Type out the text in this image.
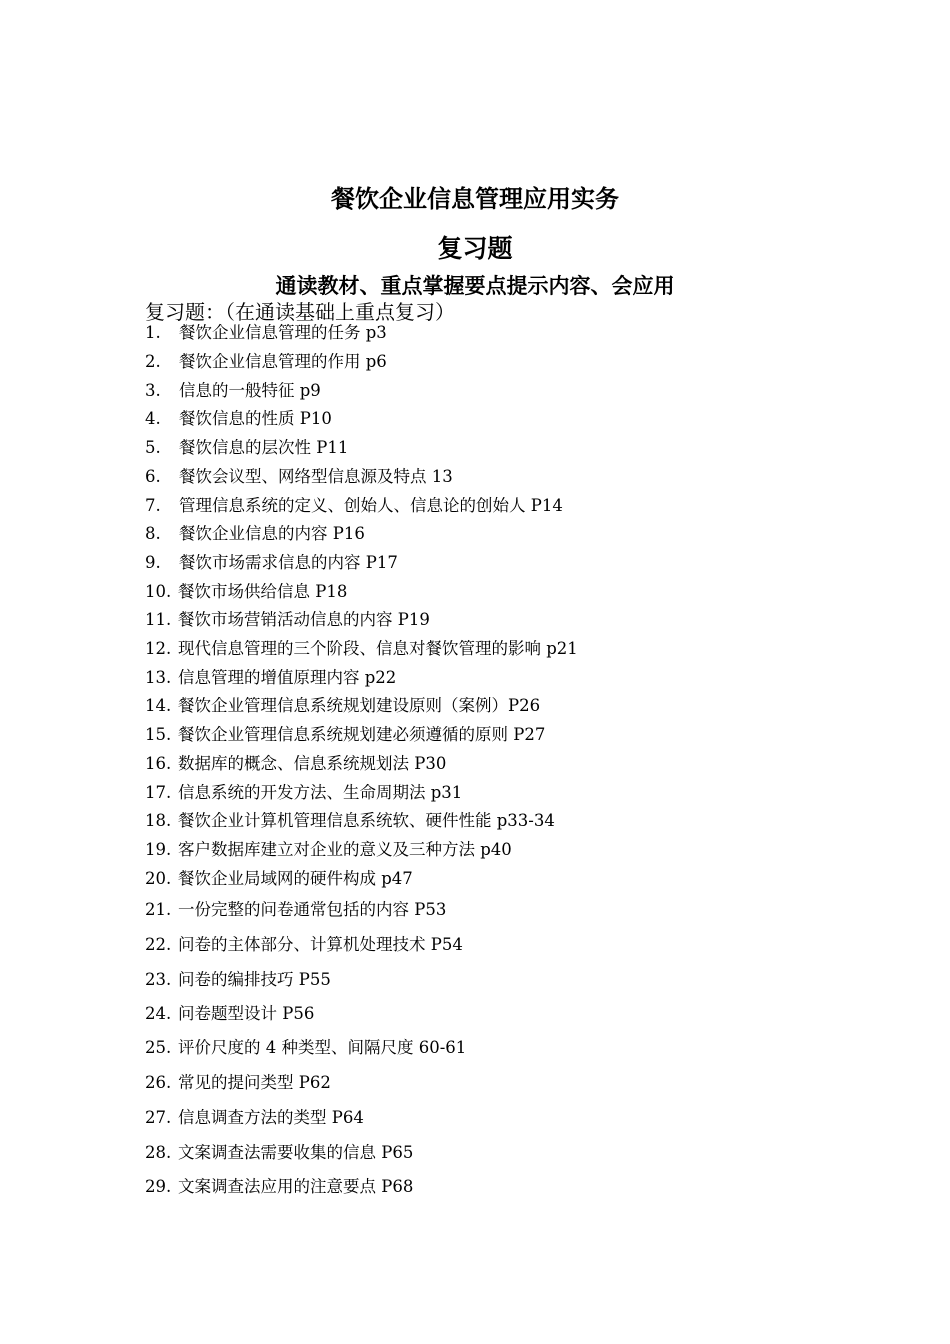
餐饮企业信息管理应用实务
复习题
通读教材、重点掌握要点提示内容、会应用

复习题：（在通读基础上重点复习）

1. 餐饮企业信息管理的任务 p3
2. 餐饮企业信息管理的作用 p6
3. 信息的一般特征 p9
4. 餐饮信息的性质 P10
5. 餐饮信息的层次性 P11
6. 餐饮会议型、网络型信息源及特点 13
7. 管理信息系统的定义、创始人、信息论的创始人 P14
8. 餐饮企业信息的内容 P16
9. 餐饮市场需求信息的内容 P17
10. 餐饮市场供给信息 P18
11. 餐饮市场营销活动信息的内容 P19
12. 现代信息管理的三个阶段、信息对餐饮管理的影响 p21
13. 信息管理的增值原理内容 p22
14. 餐饮企业管理信息系统规划建设原则（案例）P26
15. 餐饮企业管理信息系统规划建必须遵循的原则 P27
16. 数据库的概念、信息系统规划法 P30
17. 信息系统的开发方法、生命周期法 p31
18. 餐饮企业计算机管理信息系统软、硬件性能 p33-34
19. 客户数据库建立对企业的意义及三种方法 p40
20. 餐饮企业局域网的硬件构成 p47
21. 一份完整的问卷通常包括的内容 P53
22. 问卷的主体部分、计算机处理技术 P54
23. 问卷的编排技巧 P55
24. 问卷题型设计 P56
25. 评价尺度的 4 种类型、间隔尺度 60-61
26. 常见的提问类型 P62
27. 信息调查方法的类型 P64
28. 文案调查法需要收集的信息 P65
29. 文案调查法应用的注意要点 P68
